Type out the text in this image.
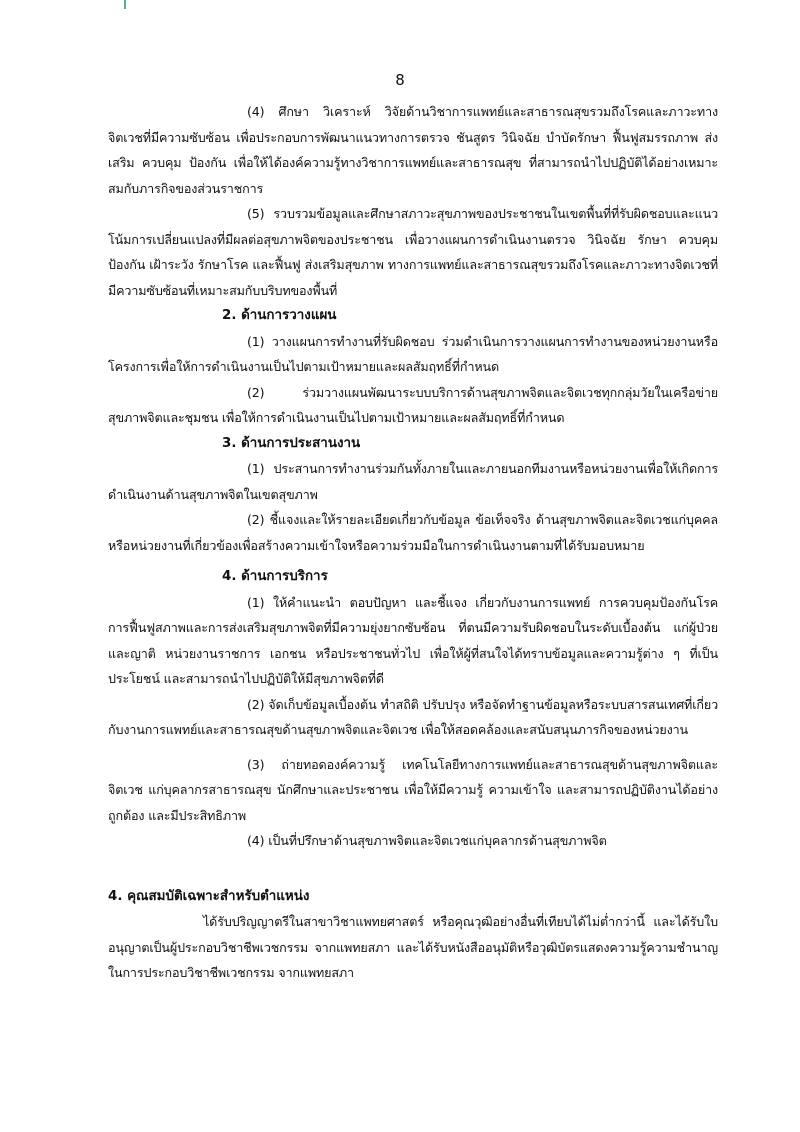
8

(4) ศึกษา วิเคราะห์ วิจัยด้านวิชาการแพทย์และสาธารณสุขรวมถึงโรคและภาวะทางจิตเวชที่มีความซับซ้อน เพื่อประกอบการพัฒนาแนวทางการตรวจ ชันสูตร วินิจฉัย บำบัดรักษา ฟื้นฟูสมรรถภาพ ส่งเสริม ควบคุม ป้องกัน เพื่อให้ได้องค์ความรู้ทางวิชาการแพทย์และสาธารณสุข ที่สามารถนำไปปฏิบัติได้อย่างเหมาะสมกับภารกิจของส่วนราชการ

(5) รวบรวมข้อมูลและศึกษาสภาวะสุขภาพของประชาชนในเขตพื้นที่ที่รับผิดชอบและแนวโน้มการเปลี่ยนแปลงที่มีผลต่อสุขภาพจิตของประชาชน เพื่อวางแผนการดำเนินงานตรวจ วินิจฉัย รักษา ควบคุม ป้องกัน เฝ้าระวัง รักษาโรค และฟื้นฟู ส่งเสริมสุขภาพ ทางการแพทย์และสาธารณสุขรวมถึงโรคและภาวะทางจิตเวชที่มีความซับซ้อนที่เหมาะสมกับบริบทของพื้นที่

2. ด้านการวางแผน

(1) วางแผนการทำงานที่รับผิดชอบ ร่วมดำเนินการวางแผนการทำงานของหน่วยงานหรือโครงการเพื่อให้การดำเนินงานเป็นไปตามเป้าหมายและผลสัมฤทธิ์ที่กำหนด

(2) ร่วมวางแผนพัฒนาระบบบริการด้านสุขภาพจิตและจิตเวชทุกกลุ่มวัยในเครือข่ายสุขภาพจิตและชุมชน เพื่อให้การดำเนินงานเป็นไปตามเป้าหมายและผลสัมฤทธิ์ที่กำหนด

3. ด้านการประสานงาน

(1) ประสานการทำงานร่วมกันทั้งภายในและภายนอกทีมงานหรือหน่วยงานเพื่อให้เกิดการดำเนินงานด้านสุขภาพจิตในเขตสุขภาพ

(2) ชี้แจงและให้รายละเอียดเกี่ยวกับข้อมูล ข้อเท็จจริง ด้านสุขภาพจิตและจิตเวชแก่บุคคลหรือหน่วยงานที่เกี่ยวข้องเพื่อสร้างความเข้าใจหรือความร่วมมือในการดำเนินงานตามที่ได้รับมอบหมาย

4. ด้านการบริการ

(1) ให้คำแนะนำ ตอบปัญหา และชี้แจง เกี่ยวกับงานการแพทย์ การควบคุมป้องกันโรค การฟื้นฟูสภาพและการส่งเสริมสุขภาพจิตที่มีความยุ่งยากซับซ้อน ที่ตนมีความรับผิดชอบในระดับเบื้องต้น แก่ผู้ป่วยและญาติ หน่วยงานราชการ เอกชน หรือประชาชนทั่วไป เพื่อให้ผู้ที่สนใจได้ทราบข้อมูลและความรู้ต่าง ๆ ที่เป็นประโยชน์ และสามารถนำไปปฏิบัติให้มีสุขภาพจิตที่ดี

(2) จัดเก็บข้อมูลเบื้องต้น ทำสถิติ ปรับปรุง หรือจัดทำฐานข้อมูลหรือระบบสารสนเทศที่เกี่ยวกับงานการแพทย์และสาธารณสุขด้านสุขภาพจิตและจิตเวช เพื่อให้สอดคล้องและสนับสนุนภารกิจของหน่วยงาน

(3) ถ่ายทอดองค์ความรู้ เทคโนโลยีทางการแพทย์และสาธารณสุขด้านสุขภาพจิตและจิตเวช แก่บุคลากรสาธารณสุข นักศึกษาและประชาชน เพื่อให้มีความรู้ ความเข้าใจ และสามารถปฏิบัติงานได้อย่างถูกต้อง และมีประสิทธิภาพ

(4) เป็นที่ปรึกษาด้านสุขภาพจิตและจิตเวชแก่บุคลากรด้านสุขภาพจิต

4. คุณสมบัติเฉพาะสำหรับตำแหน่ง

ได้รับปริญญาตรีในสาขาวิชาแพทยศาสตร์ หรือคุณวุฒิอย่างอื่นที่เทียบได้ไม่ต่ำกว่านี้ และได้รับใบอนุญาตเป็นผู้ประกอบวิชาชีพเวชกรรม จากแพทยสภา และได้รับหนังสืออนุมัติหรือวุฒิบัตรแสดงความรู้ความชำนาญในการประกอบวิชาชีพเวชกรรม จากแพทยสภา
